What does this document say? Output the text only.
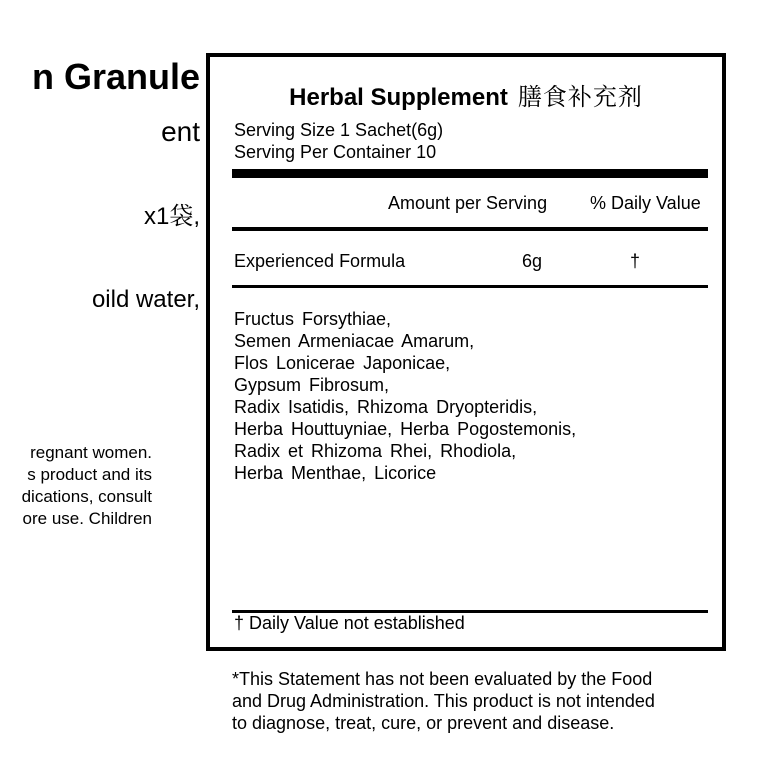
n Granule
ent
x1袋,
oild water,
regnant women.
s product and its
dications, consult
ore use. Children
Herbal Supplement 膳食补充剂
Serving Size 1 Sachet(6g)
Serving Per Container 10
Amount per Serving % Daily Value
Experienced Formula	6g	†
Fructus Forsythiae,
Semen Armeniacae Amarum,
Flos Lonicerae Japonicae,
Gypsum Fibrosum,
Radix Isatidis, Rhizoma Dryopteridis,
Herba Houttuyniae, Herba Pogostemonis,
Radix et Rhizoma Rhei, Rhodiola,
Herba Menthae, Licorice
† Daily Value not established
*This Statement has not been evaluated by the Food
and Drug Administration. This product is not intended
to diagnose, treat, cure, or prevent and disease.
